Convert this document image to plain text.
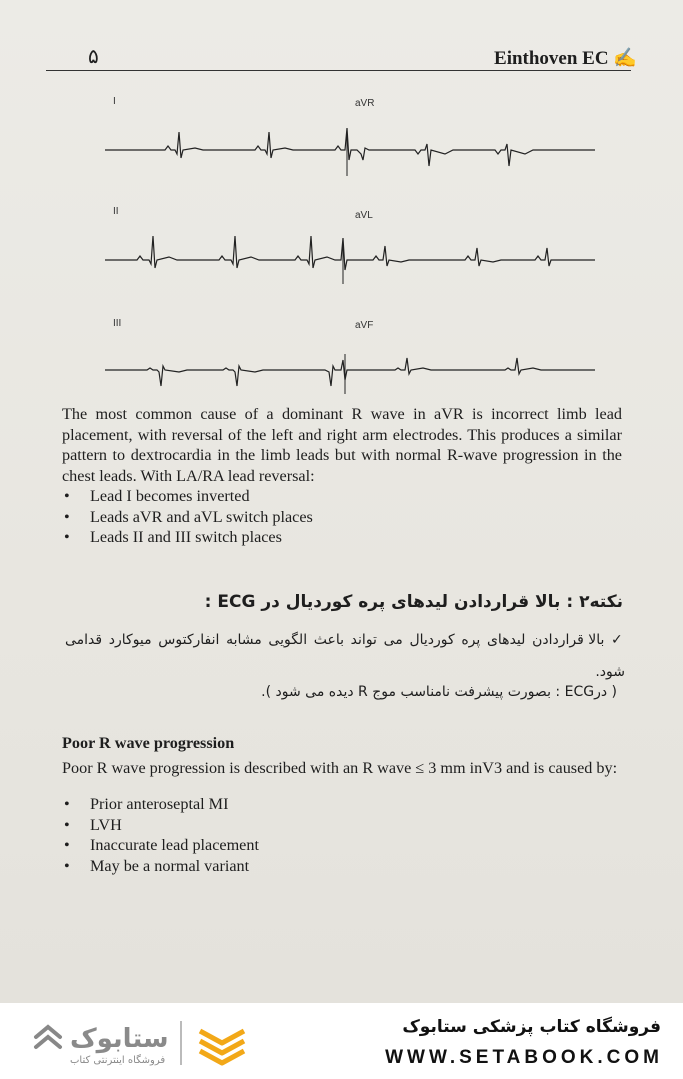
۵	Einthoven EC ✍
I	aVR
II	aVL
III	aVF
The most common cause of a dominant R wave in aVR is incorrect limb lead placement, with reversal of the left and right arm electrodes. This produces a similar pattern to dextrocardia in the limb leads but with normal R-wave progression in the chest leads. With LA/RA lead reversal:
• Lead I becomes inverted
• Leads aVR and aVL switch places
• Leads II and III switch places
نکته۲ : بالا قراردادن لیدهای پره کوردیال در ECG :
✓ بالا قراردادن لیدهای پره کوردیال می تواند باعث الگویی مشابه انفارکتوس میوکارد قدامی شود.
( درECG : بصورت پیشرفت نامناسب موج R دیده می شود ).
Poor R wave progression
Poor R wave progression is described with an R wave ≤ 3 mm inV3 and is caused by:
• Prior anteroseptal MI
• LVH
• Inaccurate lead placement
• May be a normal variant
ستابوک
فروشگاه اینترنتی کتاب
فروشگاه کتاب پزشکی ستابوک
WWW.SETABOOK.COM
